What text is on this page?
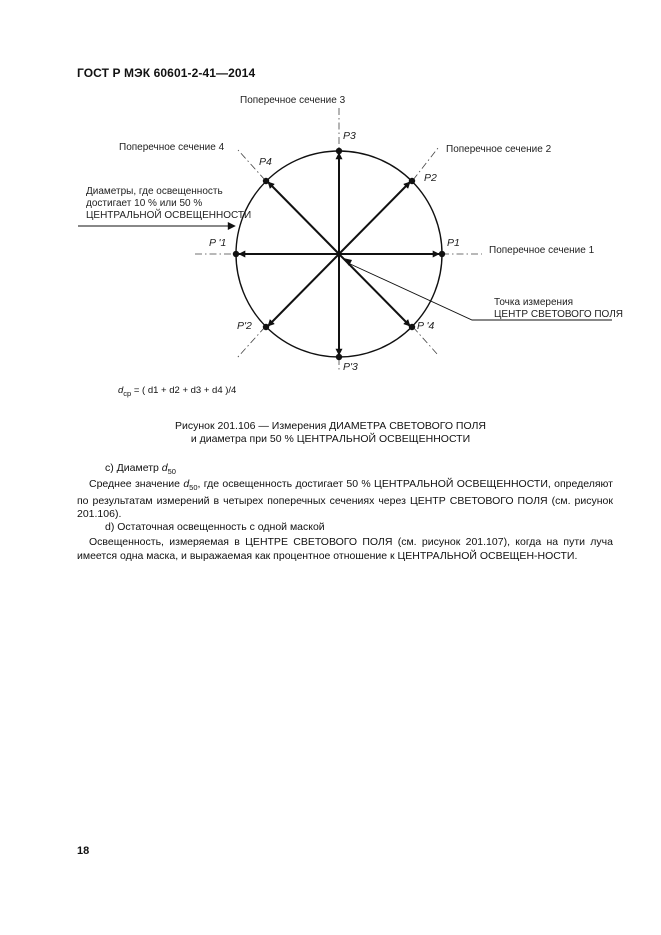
ГОСТ Р МЭК 60601-2-41—2014
Поперечное сечение 3
Поперечное сечение 4	Поперечное сечение 2
Поперечное сечение 1
P3
P4
P2
P1
P '1
P'2	P '4
P'3
Диаметры, где освещенность
достигает 10 % или 50 %
ЦЕНТРАЛЬНОЙ ОСВЕЩЕННОСТИ
Точка измерения
ЦЕНТР СВЕТОВОГО ПОЛЯ
$d_{ср}$ = ( d1 + d2 + d3 + d4 )/4
Рисунок 201.106 — Измерения ДИАМЕТРА СВЕТОВОГО ПОЛЯ
и диаметра при 50 % ЦЕНТРАЛЬНОЙ ОСВЕЩЕННОСТИ
c) Диаметр $d_{50}$
Среднее значение $d_{50}$, где освещенность достигает 50 % ЦЕНТРАЛЬНОЙ ОСВЕЩЕННОСТИ, определяют по результатам измерений в четырех поперечных сечениях через ЦЕНТР СВЕТОВОГО ПОЛЯ (см. рисунок 201.106).
d) Остаточная освещенность с одной маской
Освещенность, измеряемая в ЦЕНТРЕ СВЕТОВОГО ПОЛЯ (см. рисунок 201.107), когда на пути луча имеется одна маска, и выражаемая как процентное отношение к ЦЕНТРАЛЬНОЙ ОСВЕЩЕН-НОСТИ.
18
